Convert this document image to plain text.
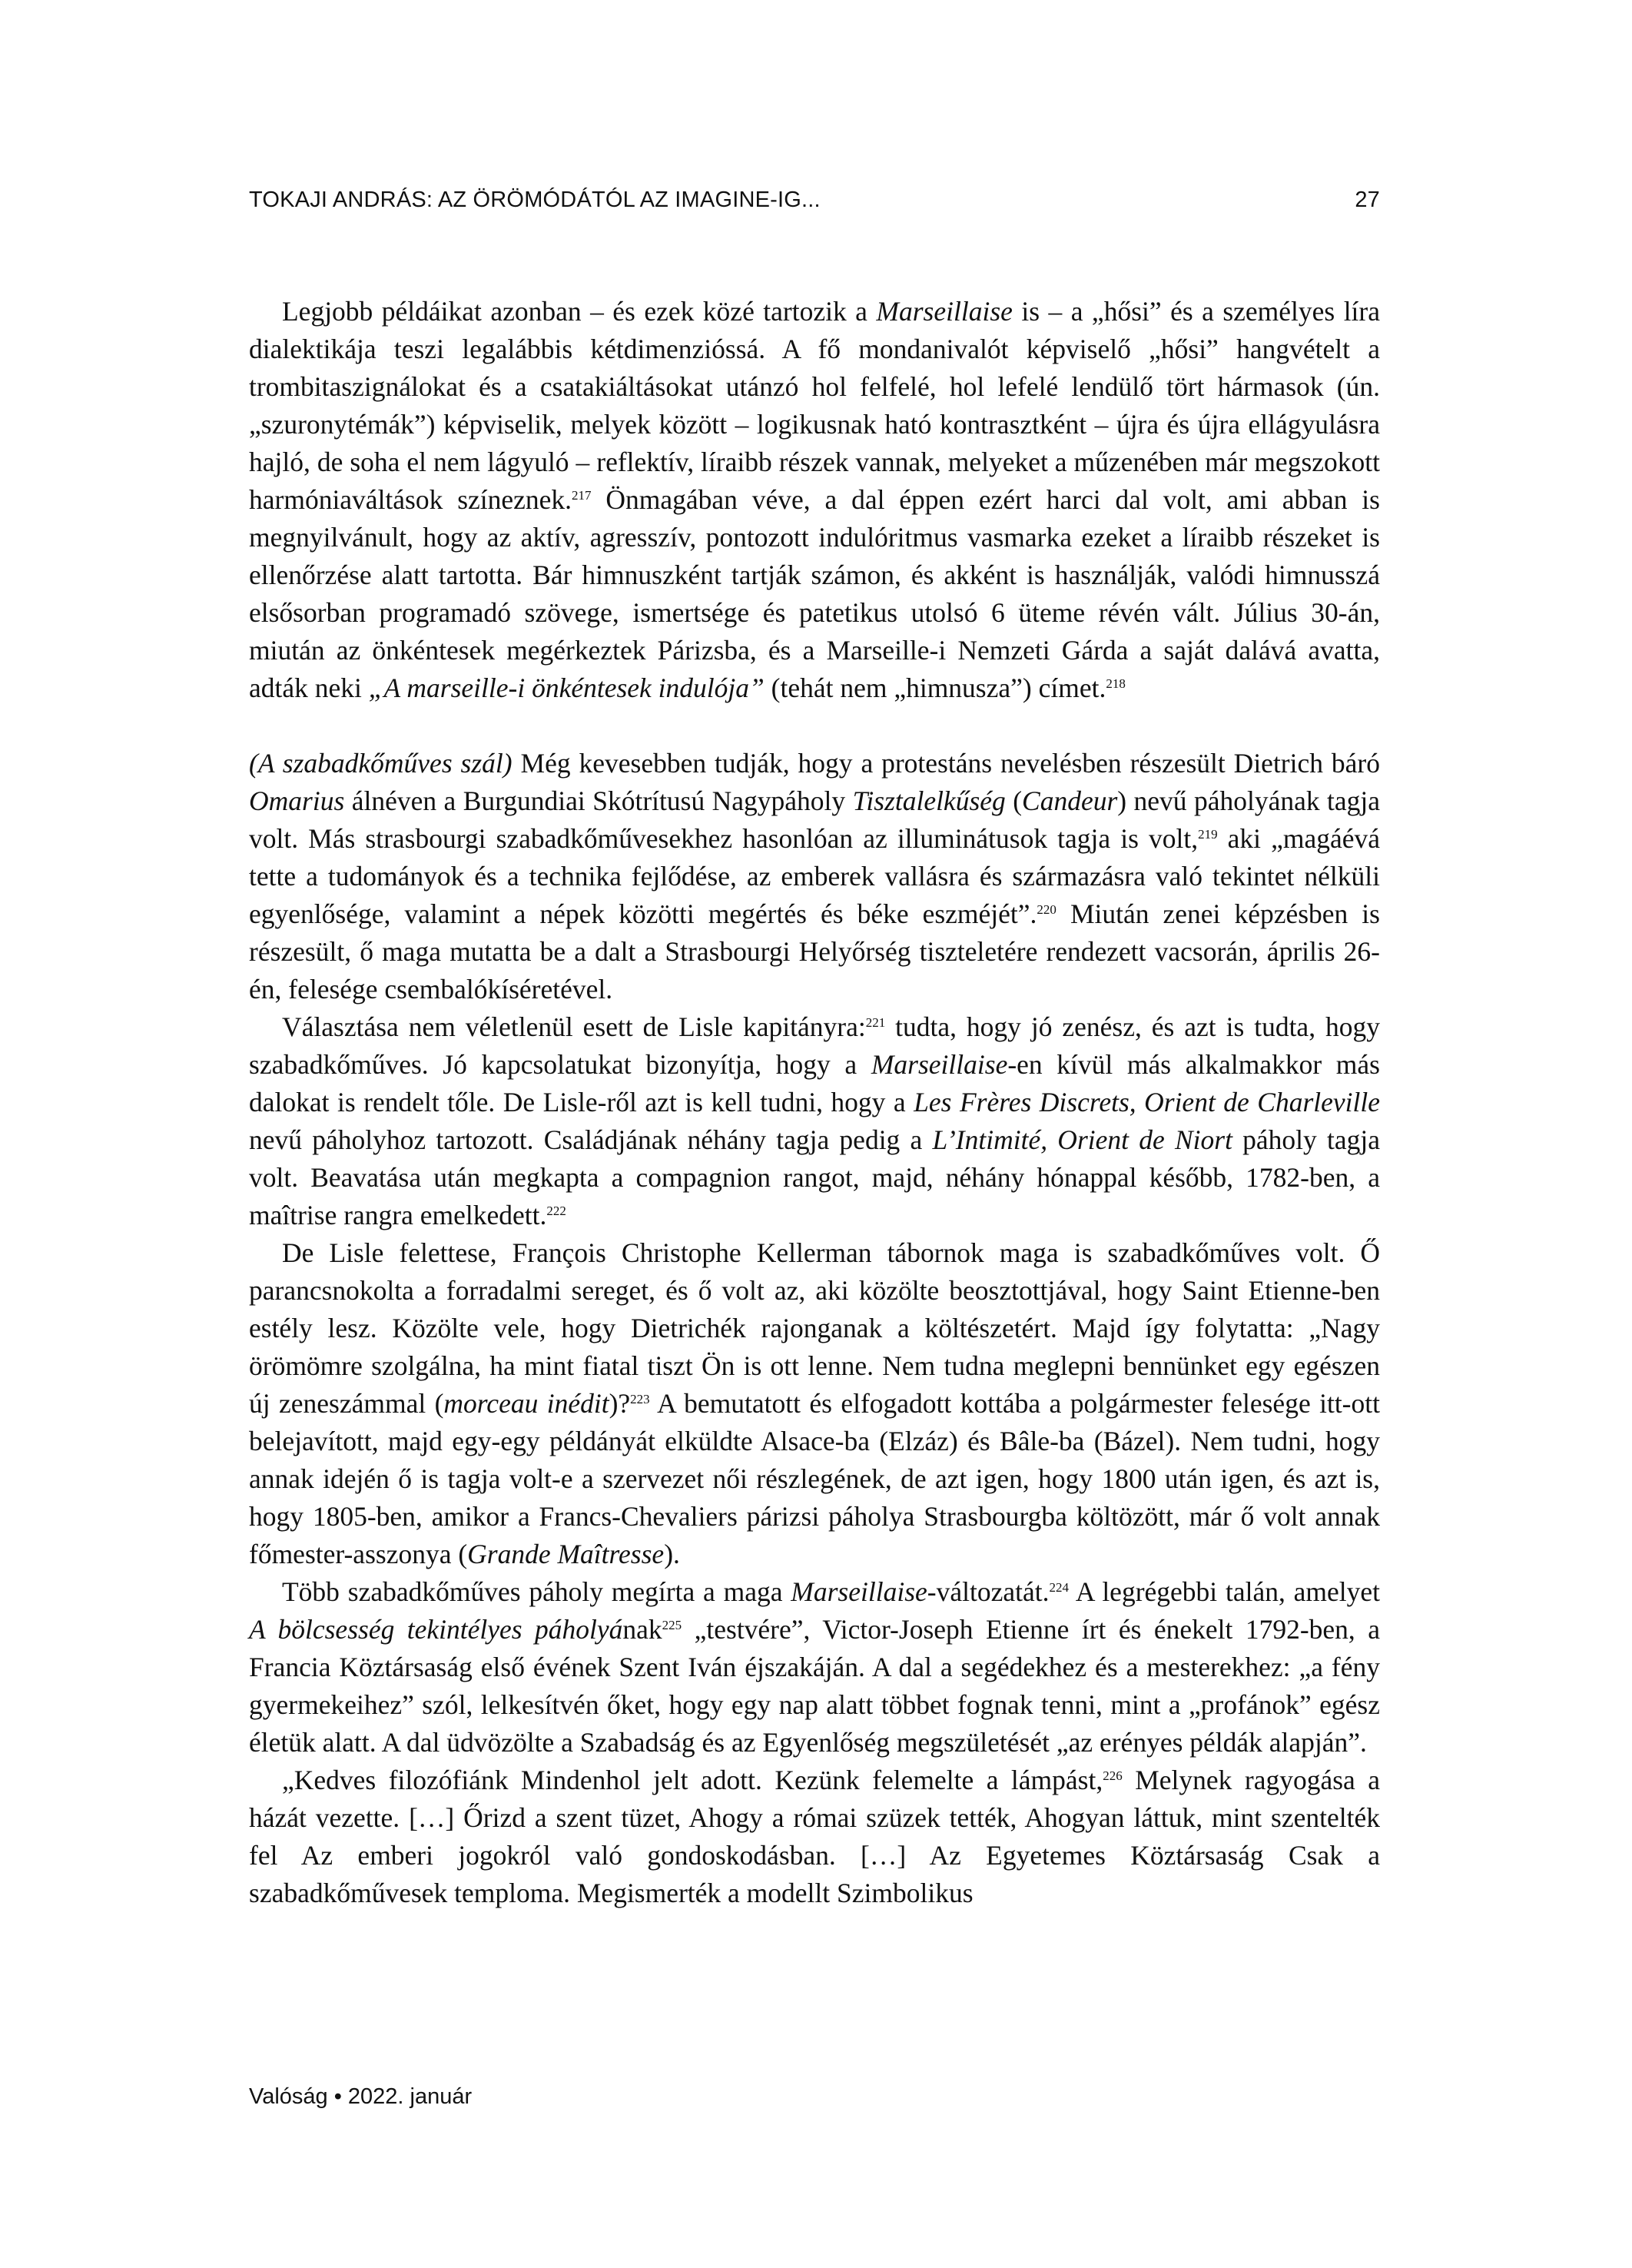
TOKAJI ANDRÁS: AZ ÖRÖMÓDÁTÓL AZ IMAGINE-IG...	27

Legjobb példáikat azonban – és ezek közé tartozik a Marseillaise is – a „hősi” és a személyes líra dialektikája teszi legalábbis kétdimenzióssá. A fő mondanivalót képviselő „hősi” hangvételt a trombitaszignálokat és a csatakiáltásokat utánzó hol felfelé, hol lefelé lendülő tört hármasok (ún. „szuronytémák”) képviselik, melyek között – logikusnak ható kontrasztként – újra és újra ellágyulásra hajló, de soha el nem lágyuló – reflektív, líraibb részek vannak, melyeket a műzenében már megszokott harmóniaváltások színeznek.$^{217}$ Önmagában véve, a dal éppen ezért harci dal volt, ami abban is megnyilvánult, hogy az aktív, agresszív, pontozott indulóritmus vasmarka ezeket a líraibb részeket is ellenőrzése alatt tartotta. Bár himnuszként tartják számon, és akként is használják, valódi himnusszá elsősorban programadó szövege, ismertsége és patetikus utolsó 6 üteme révén vált. Július 30-án, miután az önkéntesek megérkeztek Párizsba, és a Marseille-i Nemzeti Gárda a saját dalává avatta, adták neki „A marseille-i önkéntesek indulója” (tehát nem „himnusza”) címet.$^{218}$

(A szabadkőműves szál) Még kevesebben tudják, hogy a protestáns nevelésben részesült Dietrich báró Omarius álnéven a Burgundiai Skótrítusú Nagypáholy Tisztalelkűség (Candeur) nevű páholyának tagja volt. Más strasbourgi szabadkőművesekhez hasonlóan az illuminátusok tagja is volt,$^{219}$ aki „magáévá tette a tudományok és a technika fejlődése, az emberek vallásra és származásra való tekintet nélküli egyenlősége, valamint a népek közötti megértés és béke eszméjét”.$^{220}$ Miután zenei képzésben is részesült, ő maga mutatta be a dalt a Strasbourgi Helyőrség tiszteletére rendezett vacsorán, április 26-én, felesége csembalókíséretével.

Választása nem véletlenül esett de Lisle kapitányra:$^{221}$ tudta, hogy jó zenész, és azt is tudta, hogy szabadkőműves. Jó kapcsolatukat bizonyítja, hogy a Marseillaise-en kívül más alkalmakkor más dalokat is rendelt tőle. De Lisle-ről azt is kell tudni, hogy a Les Frères Discrets, Orient de Charleville nevű páholyhoz tartozott. Családjának néhány tagja pedig a L’Intimité, Orient de Niort páholy tagja volt. Beavatása után megkapta a compagnion rangot, majd, néhány hónappal később, 1782-ben, a maîtrise rangra emelkedett.$^{222}$

De Lisle felettese, François Christophe Kellerman tábornok maga is szabadkőműves volt. Ő parancsnokolta a forradalmi sereget, és ő volt az, aki közölte beosztottjával, hogy Saint Etienne-ben estély lesz. Közölte vele, hogy Dietrichék rajonganak a költészetért. Majd így folytatta: „Nagy örömömre szolgálna, ha mint fiatal tiszt Ön is ott lenne. Nem tudna meglepni bennünket egy egészen új zeneszámmal (morceau inédit)?$^{223}$ A bemutatott és elfogadott kottába a polgármester felesége itt-ott belejavított, majd egy-egy példányát elküldte Alsace-ba (Elzáz) és Bâle-ba (Bázel). Nem tudni, hogy annak idején ő is tagja volt-e a szervezet női részlegének, de azt igen, hogy 1800 után igen, és azt is, hogy 1805-ben, amikor a Francs-Chevaliers párizsi páholya Strasbourgba költözött, már ő volt annak főmester-asszonya (Grande Maîtresse).

Több szabadkőműves páholy megírta a maga Marseillaise-változatát.$^{224}$ A legrégebbi talán, amelyet A bölcsesség tekintélyes páholyának$^{225}$ „testvére”, Victor-Joseph Etienne írt és énekelt 1792-ben, a Francia Köztársaság első évének Szent Iván éjszakáján. A dal a segédekhez és a mesterekhez: „a fény gyermekeihez” szól, lelkesítvén őket, hogy egy nap alatt többet fognak tenni, mint a „profánok” egész életük alatt. A dal üdvözölte a Szabadság és az Egyenlőség megszületését „az erényes példák alapján”.

„Kedves filozófiánk Mindenhol jelt adott. Kezünk felemelte a lámpást,$^{226}$ Melynek ragyogása a házát vezette. […] Őrizd a szent tüzet, Ahogy a római szüzek tették, Ahogyan láttuk, mint szentelték fel Az emberi jogokról való gondoskodásban. […] Az Egyetemes Köztársaság Csak a szabadkőművesek temploma. Megismerték a modellt Szimbolikus

Valóság • 2022. január
